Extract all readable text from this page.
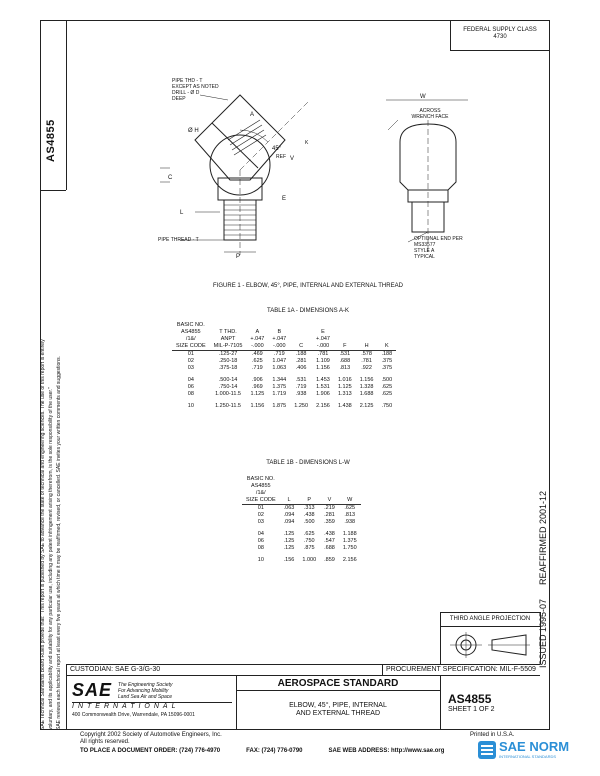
SAE Technical Standards Board Rules provide that: "This report is published by SAE to advance the state of technical and engineering sciences. The use of this report is entirely voluntary, and its applicability and suitability for any particular use, including any patent infringement arising therefrom, is the sole responsibility of the user." SAE reviews each technical report at least every five years at which time it may be reaffirmed, revised, or cancelled. SAE invites your written comments and suggestions.
AS4855
FEDERAL SUPPLY CLASS
4730
REAFFIRMED 2001-12
ISSUED 1995-07
PIPE THD - T
EXCEPT AS NOTED
DRILL - Ø D
DEEP
Ø H
A
K
45°
REF V
C
E
L
PIPE THREAD - T
P
W
ACROSS
WRENCH FACE
OPTIONAL END PER
MS33577
STYLE A
TYPICAL
FIGURE 1 - ELBOW, 45°, PIPE, INTERNAL AND EXTERNAL THREAD
TABLE 1A - DIMENSIONS A-K
BASIC NO.								
AS4855	T THD.	A	B		E			
/1&/	ANPT	+.047	+.047		+.047			
SIZE CODE	MIL-P-7105	-.000	-.000	C	-.000	F	H	K
01	.125-27	.469	.719	.188	.781	.531	.578	.188
02	.250-18	.625	1.047	.281	1.109	.688	.781	.375
03	.375-18	.719	1.063	.406	1.156	.813	.922	.375
04	.500-14	.906	1.344	.531	1.453	1.016	1.156	.500
06	.750-14	.969	1.375	.719	1.531	1.125	1.328	.625
08	1.000-11.5	1.125	1.719	.938	1.906	1.313	1.688	.625
10	1.250-11.5	1.156	1.875	1.250	2.156	1.438	2.125	.750
TABLE 1B - DIMENSIONS L-W
BASIC NO.				
AS4855				
/1&/				
SIZE CODE	L	P	V	W
01	.063	.313	.219	.625
02	.094	.438	.281	.813
03	.094	.500	.359	.938
04	.125	.625	.438	1.188
06	.125	.750	.547	1.375
08	.125	.875	.688	1.750
10	.156	1.000	.859	2.156
THIRD ANGLE PROJECTION
CUSTODIAN: SAE G-3/G-30	PROCUREMENT SPECIFICATION: MIL-F-5509
SAE The Engineering Society
For Advancing Mobility
Land Sea Air and Space
INTERNATIONAL
400 Commonwealth Drive, Warrendale, PA 15096-0001
AEROSPACE STANDARD
ELBOW, 45°, PIPE, INTERNAL
AND EXTERNAL THREAD
AS4855
SHEET 1 OF 2
Copyright 2002 Society of Automotive Engineers, Inc.
All rights reserved.
Printed in U.S.A.
TO PLACE A DOCUMENT ORDER: (724) 776-4970	FAX: (724) 776-0790	SAE WEB ADDRESS: http://www.sae.org	SAE NORM
INTERNATIONAL STANDARDS
